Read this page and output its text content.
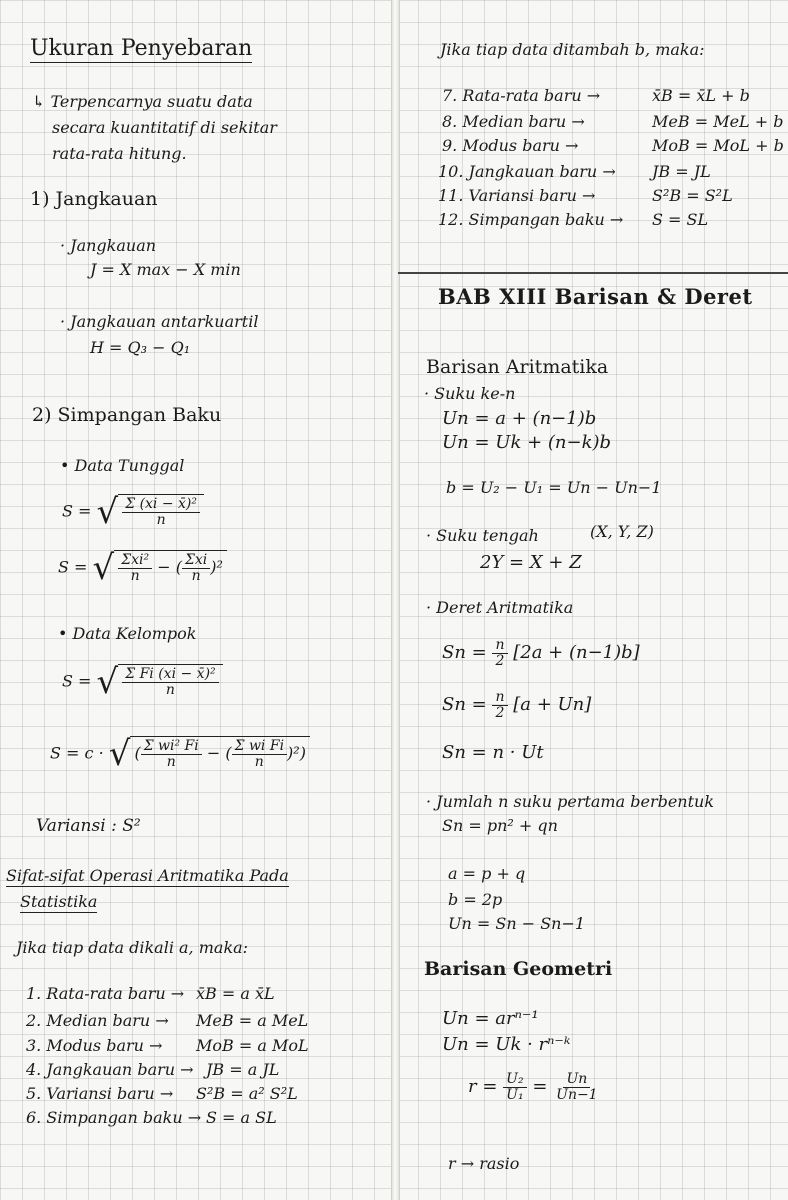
Ukuran Penyebaran
↳ Terpencarnya suatu data
secara kuantitatif di sekitar
rata-rata hitung.
1) Jangkauan
· Jangkauan
J = X max − X min
· Jangkauan antarkuartil
H = Q₃ − Q₁
2) Simpangan Baku
• Data Tunggal
S = √ $\frac{\text{Σ (xi − x̄)²}}{n}$
S = √ $\frac{\text{Σxi²}}{n}$ − ( $\frac{\text{Σxi}}{n} )^2$
• Data Kelompok
S = √ $\frac{\text{Σ Fi (xi − x̄)²}}{n}$
S = c · √ ( $\frac{\text{Σ wi² Fi}}{n}$ − ( $\frac{\text{Σ wi Fi}}{n} )^2$)
Variansi : S²
Sifat-sifat Operasi Aritmatika Pada
Statistika
Jika tiap data dikali a, maka:
1. Rata-rata baru → x̄B = a x̄L
2. Median baru → MeB = a MeL
3. Modus baru → MoB = a MoL
4. Jangkauan baru → JB = a JL
5. Variansi baru → S²B = a² S²L
6. Simpangan baku → S = a SL
Jika tiap data ditambah b, maka:
7. Rata-rata baru →	x̄B = x̄L + b
8. Median baru →	MeB = MeL + b
9. Modus baru →	MoB = MoL + b
10. Jangkauan baru → JB = JL
11. Variansi baru →	S²B = S²L
12. Simpangan baku → S = SL
BAB XIII Barisan & Deret
Barisan Aritmatika
· Suku ke-n
Un = a + (n−1)b
Un = Uk + (n−k)b
b = U₂ − U₁ = Un − Un−1
· Suku tengah	(X, Y, Z)
2Y = X + Z
· Deret Aritmatika
$Sn = \frac{n}{2} [2a + (n-1)b]$
$Sn = \frac{n}{2} [a + Un]$
Sn = n · Ut
· Jumlah n suku pertama berbentuk
Sn = pn² + qn
a = p + q
b = 2p
Un = Sn − Sn−1
Barisan Geometri
Un = arⁿ⁻¹
Un = Uk · rⁿ⁻ᵏ
$r = \frac{\text{U₂}}{\text{U₁}} = \frac{Un}{Un-1}$
r → rasio
